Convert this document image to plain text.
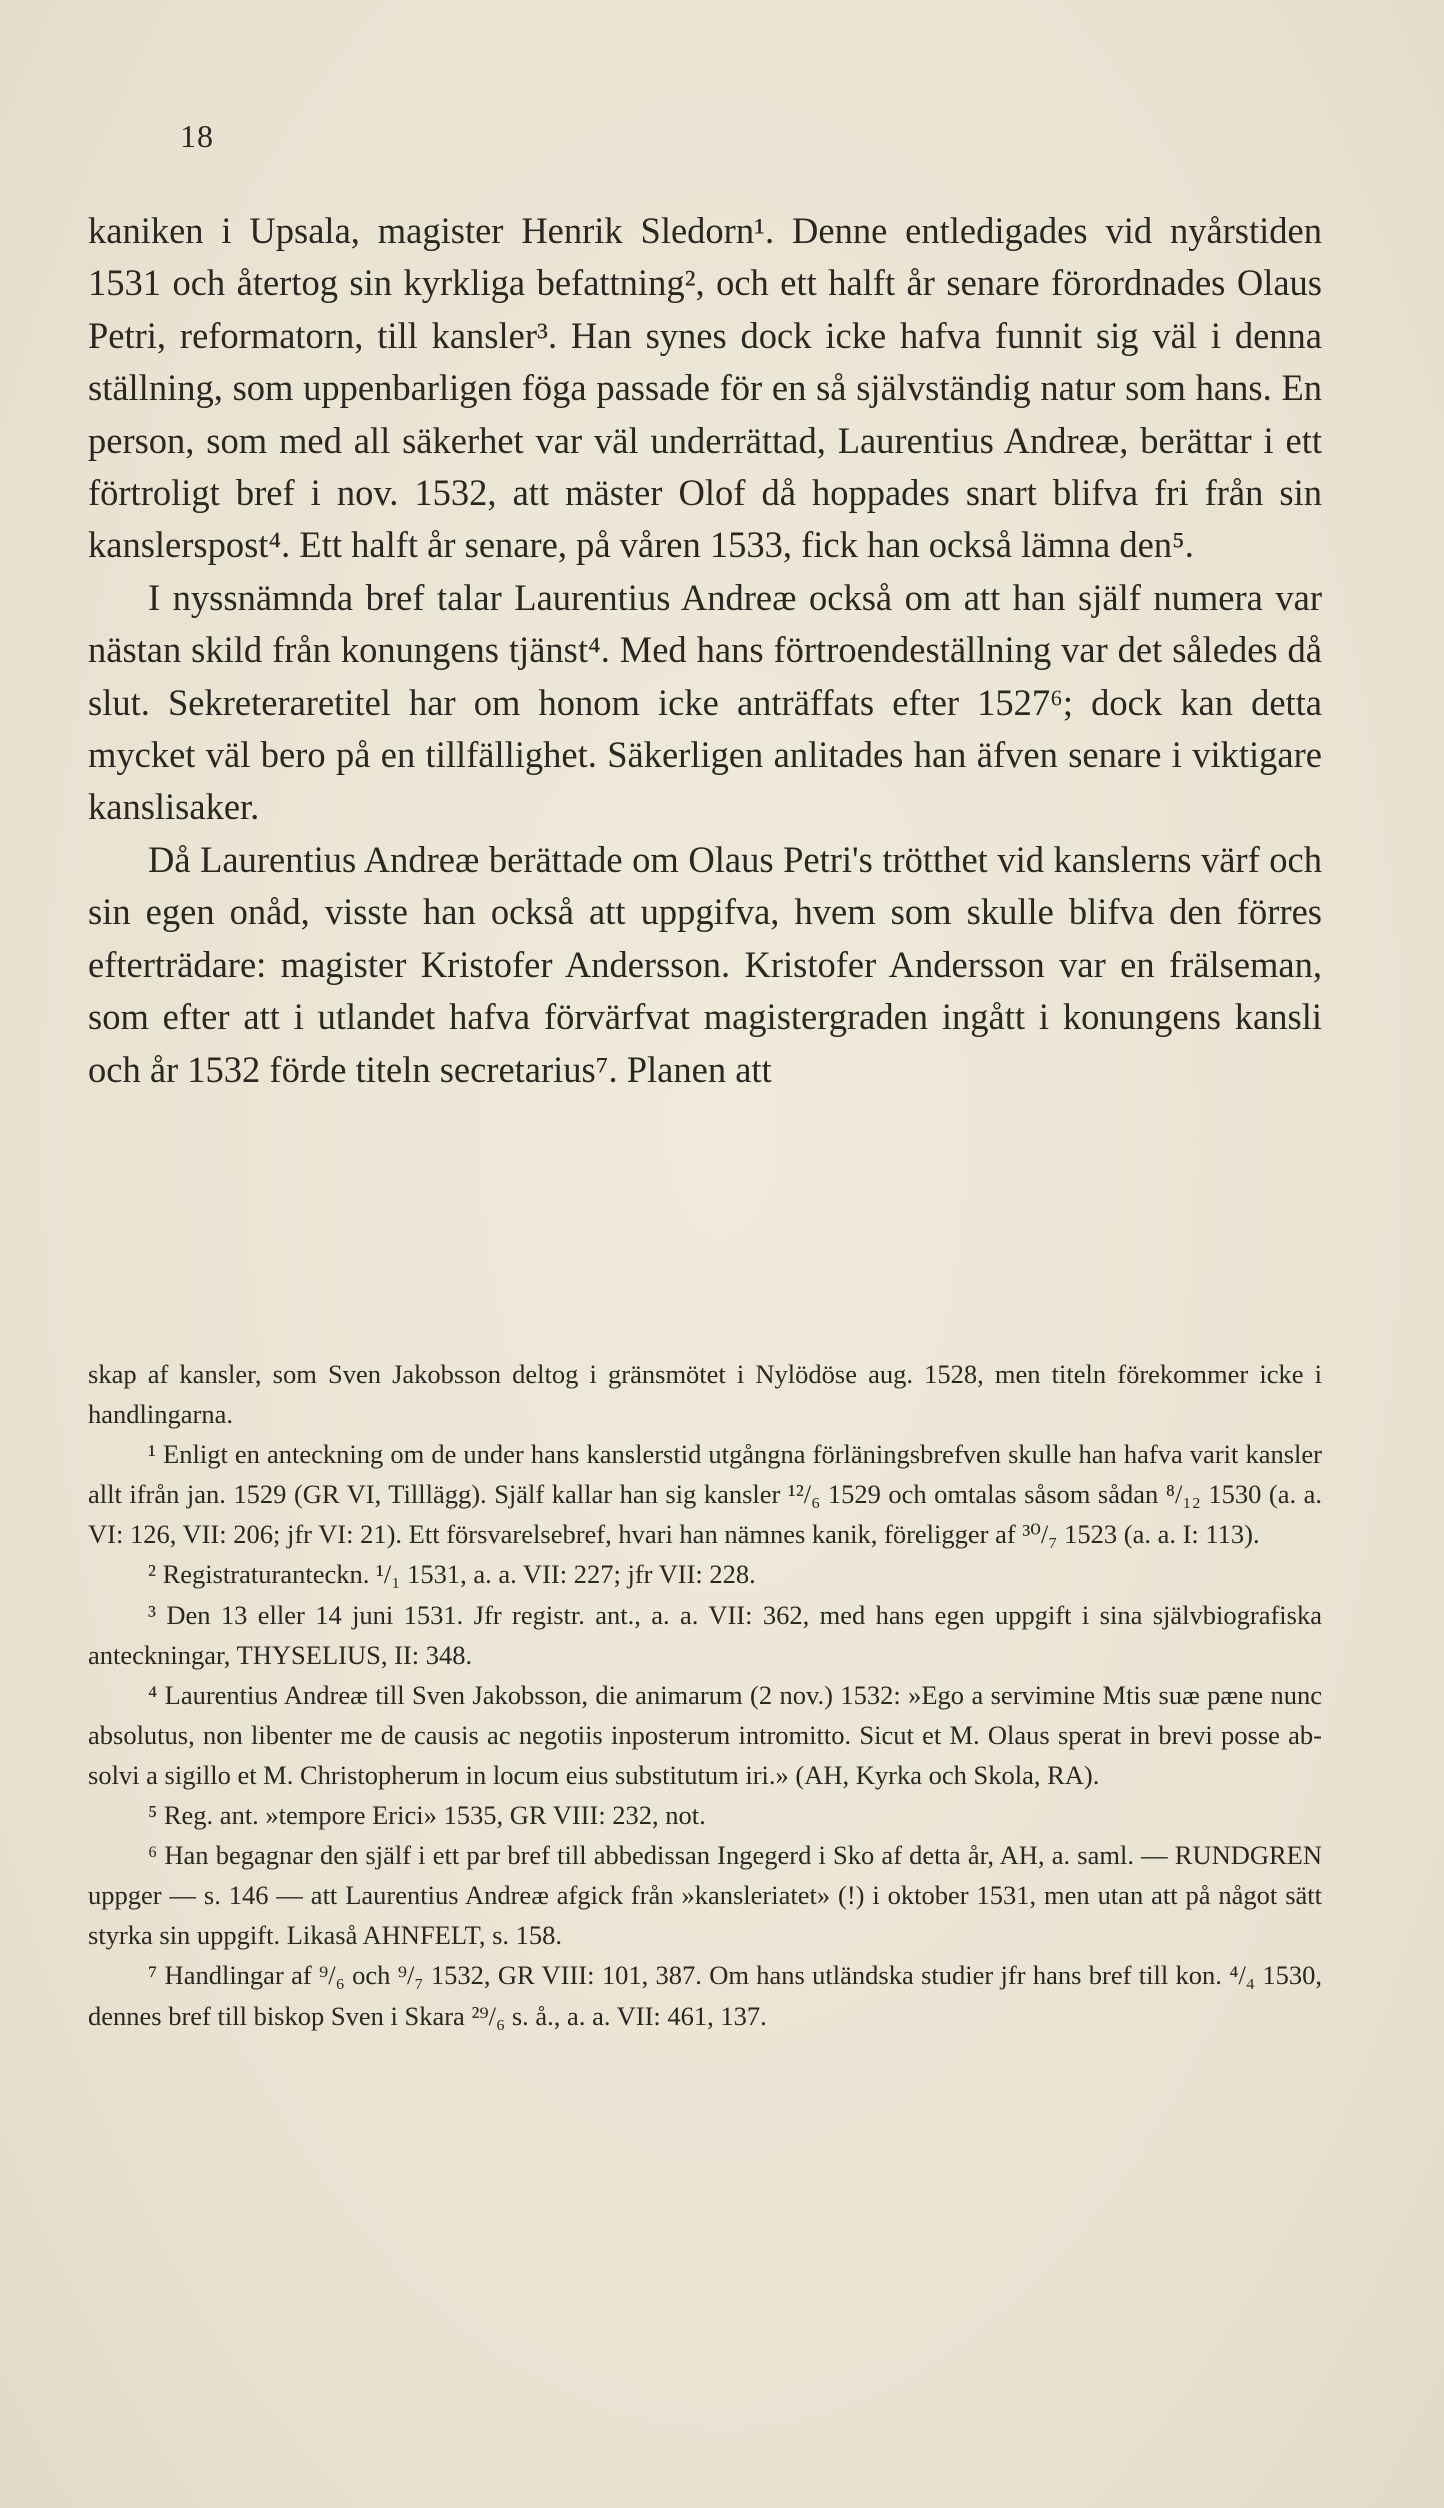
18

kaniken i Upsala, magister Henrik Sledorn¹. Denne entledigades vid nyårstiden 1531 och återtog sin kyrkliga befattning², och ett halft år senare förordnades Olaus Petri, reformatorn, till kansler³. Han synes dock icke hafva funnit sig väl i denna ställning, som uppenbarligen föga passade för en så självständig natur som hans. En person, som med all säkerhet var väl underrättad, Laurentius Andreæ, berättar i ett förtroligt bref i nov. 1532, att mäster Olof då hoppades snart blifva fri från sin kanslerspost⁴. Ett halft år senare, på våren 1533, fick han också lämna den⁵.

I nyssnämnda bref talar Laurentius Andreæ också om att han själf numera var nästan skild från konungens tjänst⁴. Med hans förtroendeställning var det således då slut. Sekreteraretitel har om honom icke anträffats efter 1527⁶; dock kan detta mycket väl bero på en tillfällighet. Säkerligen anlitades han äfven senare i viktigare kanslisaker.

Då Laurentius Andreæ berättade om Olaus Petri's trötthet vid kanslerns värf och sin egen onåd, visste han också att uppgifva, hvem som skulle blifva den förres efterträdare: magister Kristofer Andersson. Kristofer Andersson var en frälseman, som efter att i utlandet hafva förvärfvat magistergraden ingått i konungens kansli och år 1532 förde titeln secretarius⁷. Planen att

skap af kansler, som Sven Jakobsson deltog i gränsmötet i Nylödöse aug. 1528, men titeln förekommer icke i handlingarna.

¹ Enligt en anteckning om de under hans kanslerstid utgångna förläningsbrefven skulle han hafva varit kansler allt ifrån jan. 1529 (GR VI, Tilllägg). Själf kallar han sig kansler ¹²/₆ 1529 och omtalas såsom sådan ⁸/₁₂ 1530 (a. a. VI: 126, VII: 206; jfr VI: 21). Ett försvarelsebref, hvari han nämnes kanik, föreligger af ³⁰/₇ 1523 (a. a. I: 113).

² Registraturanteckn. ¹/₁ 1531, a. a. VII: 227; jfr VII: 228.

³ Den 13 eller 14 juni 1531. Jfr registr. ant., a. a. VII: 362, med hans egen uppgift i sina självbiografiska anteckningar, THYSELIUS, II: 348.

⁴ Laurentius Andreæ till Sven Jakobsson, die animarum (2 nov.) 1532: »Ego a servimine Mtis suæ pæne nunc absolutus, non libenter me de causis ac negotiis inposterum intromitto. Sicut et M. Olaus sperat in brevi posse absolvi a sigillo et M. Christopherum in locum eius substitutum iri.» (AH, Kyrka och Skola, RA).

⁵ Reg. ant. »tempore Erici» 1535, GR VIII: 232, not.

⁶ Han begagnar den själf i ett par bref till abbedissan Ingegerd i Sko af detta år, AH, a. saml. — RUNDGREN uppger — s. 146 — att Laurentius Andreæ afgick från »kansleriatet» (!) i oktober 1531, men utan att på något sätt styrka sin uppgift. Likaså AHNFELT, s. 158.

⁷ Handlingar af ⁹/₆ och ⁹/₇ 1532, GR VIII: 101, 387. Om hans utländska studier jfr hans bref till kon. ⁴/₄ 1530, dennes bref till biskop Sven i Skara ²⁹/₆ s. å., a. a. VII: 461, 137.
